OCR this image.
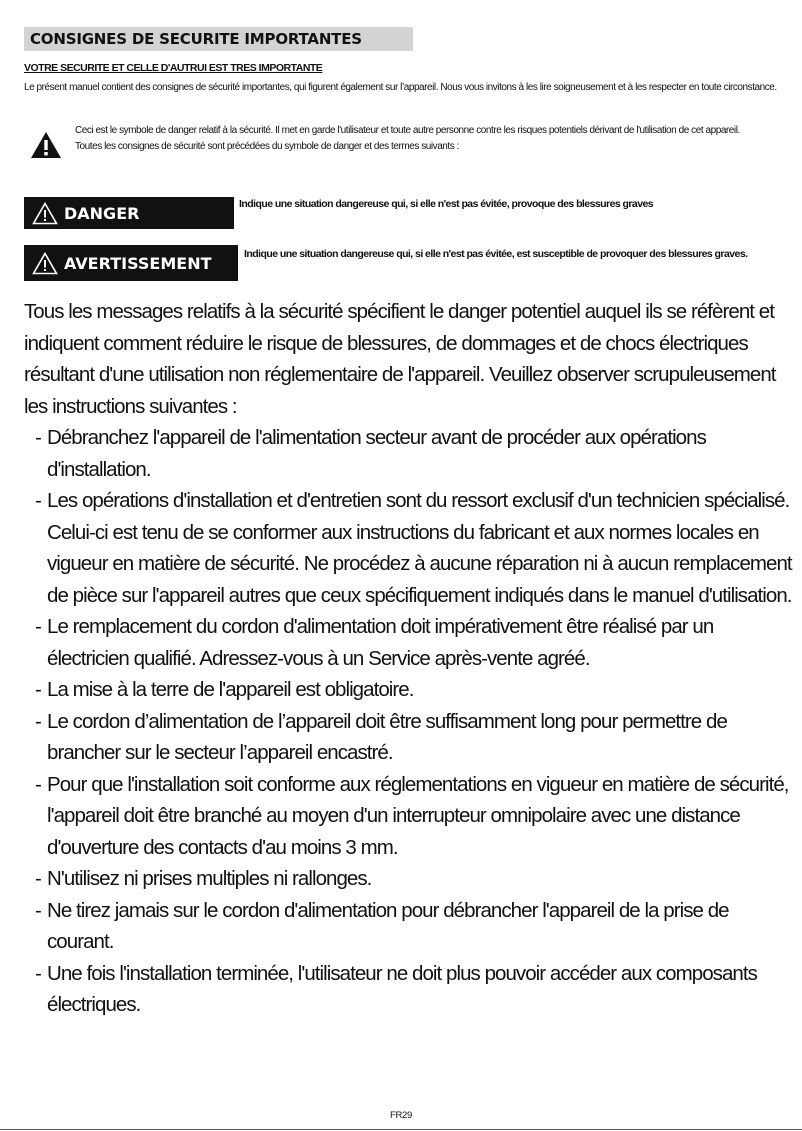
CONSIGNES DE SECURITE IMPORTANTES
VOTRE SECURITE ET CELLE D'AUTRUI EST TRES IMPORTANTE
Le présent manuel contient des consignes de sécurité importantes, qui figurent également sur l’appareil. Nous vous invitons à les lire soigneusement et à les respecter en toute circonstance.

Ceci est le symbole de danger relatif à la sécurité. Il met en garde l'utilisateur et toute autre personne contre les risques potentiels dérivant de l'utilisation de cet appareil.

Toutes les consignes de sécurité sont précédées du symbole de danger et des termes suivants :

DANGER	Indique une situation dangereuse qui, si elle n'est pas évitée, provoque des blessures graves
AVERTISSEMENT	Indique une situation dangereuse qui, si elle n'est pas évitée, est susceptible de provoquer des blessures graves.

Tous les messages relatifs à la sécurité spécifient le danger potentiel auquel ils se réfèrent et indiquent comment réduire le risque de blessures, de dommages et de chocs électriques résultant d'une utilisation non réglementaire de l'appareil. Veuillez observer scrupuleusement les instructions suivantes :

- Débranchez l'appareil de l'alimentation secteur avant de procéder aux opérations d'installation.
- Les opérations d'installation et d'entretien sont du ressort exclusif d'un technicien spécialisé. Celui-ci est tenu de se conformer aux instructions du fabricant et aux normes locales en vigueur en matière de sécurité. Ne procédez à aucune réparation ni à aucun remplacement de pièce sur l'appareil autres que ceux spécifiquement indiqués dans le manuel d'utilisation.
- Le remplacement du cordon d'alimentation doit impérativement être réalisé par un électricien qualifié. Adressez-vous à un Service après-vente agréé.
- La mise à la terre de l'appareil est obligatoire.
- Le cordon d’alimentation de l’appareil doit être suffisamment long pour permettre de brancher sur le secteur l’appareil encastré.
- Pour que l'installation soit conforme aux réglementations en vigueur en matière de sécurité, l'appareil doit être branché au moyen d'un interrupteur omnipolaire avec une distance d'ouverture des contacts d'au moins 3 mm.
- N'utilisez ni prises multiples ni rallonges.
- Ne tirez jamais sur le cordon d'alimentation pour débrancher l'appareil de la prise de courant.
- Une fois l'installation terminée, l'utilisateur ne doit plus pouvoir accéder aux composants électriques.
FR29
